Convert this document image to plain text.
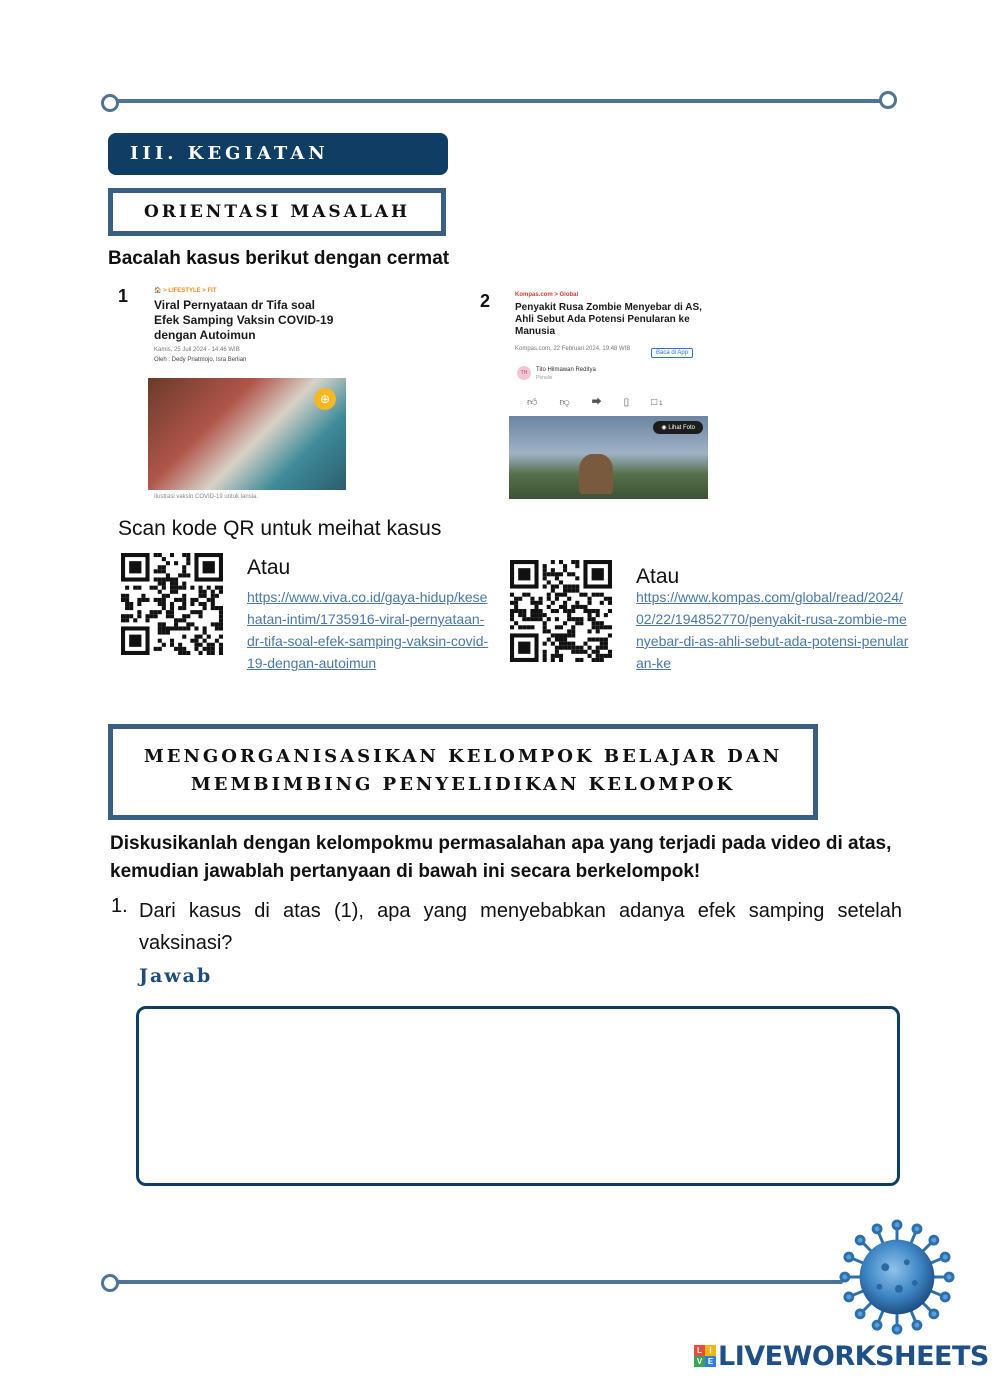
III. KEGIATAN
ORIENTASI MASALAH
Bacalah kasus berikut dengan cermat
1	🏠 > LIFESTYLE > FIT
Viral Pernyataan dr Tifa soal Efek Samping Vaksin COVID-19 dengan Autoimun
Kamis, 25 Juli 2024 - 14:46 WIB
Oleh : Dedy Priatmojo, Isra Berlian
⊕
Ilustrasi vaksin COVID-19 untuk lansia.
2	Kompas.com > Global
Penyakit Rusa Zombie Menyebar di AS, Ahli Sebut Ada Potensi Penularan ke Manusia
Kompas.com, 22 Februari 2024, 19:48 WIB
Baca di App
TH	Tito Hilmawan Reditya
Penulis
👍︎👎︎⮕▯□1
◉ Lihat Foto
Scan kode QR untuk meihat kasus
Atau
https://www.viva.co.id/gaya-hidup/kesehatan-intim/1735916-viral-pernyataan-dr-tifa-soal-efek-samping-vaksin-covid-19-dengan-autoimun
Atau
https://www.kompas.com/global/read/2024/02/22/194852770/penyakit-rusa-zombie-menyebar-di-as-ahli-sebut-ada-potensi-penularan-ke
MENGORGANISASIKAN KELOMPOK BELAJAR DAN
MEMBIMBING PENYELIDIKAN KELOMPOK
Diskusikanlah dengan kelompokmu permasalahan apa yang terjadi pada video di atas, kemudian jawablah pertanyaan di bawah ini secara berkelompok!
1. Dari kasus di atas (1), apa yang menyebabkan adanya efek samping setelah vaksinasi?
Jawab
L I
V E LIVEWORKSHEETS
